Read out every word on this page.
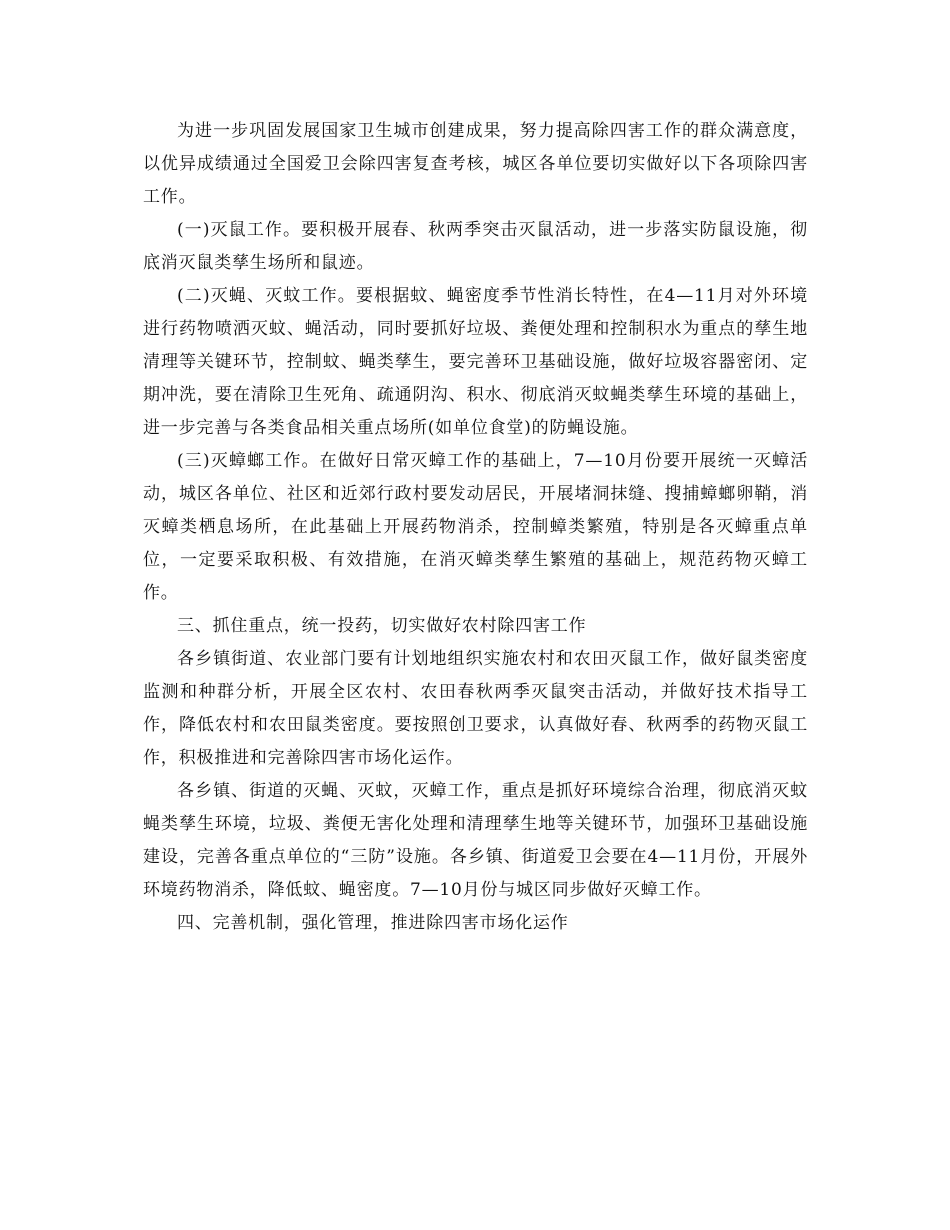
为进一步巩固发展国家卫生城市创建成果，努力提高除四害工作的群众满意度，以优异成绩通过全国爱卫会除四害复查考核，城区各单位要切实做好以下各项除四害工作。

(一)灭鼠工作。要积极开展春、秋两季突击灭鼠活动，进一步落实防鼠设施，彻底消灭鼠类孳生场所和鼠迹。

(二)灭蝇、灭蚊工作。要根据蚊、蝇密度季节性消长特性，在4—11月对外环境进行药物喷洒灭蚊、蝇活动，同时要抓好垃圾、粪便处理和控制积水为重点的孳生地清理等关键环节，控制蚊、蝇类孳生，要完善环卫基础设施，做好垃圾容器密闭、定期冲洗，要在清除卫生死角、疏通阴沟、积水、彻底消灭蚊蝇类孳生环境的基础上，进一步完善与各类食品相关重点场所(如单位食堂)的防蝇设施。

(三)灭蟑螂工作。在做好日常灭蟑工作的基础上，7—10月份要开展统一灭蟑活动，城区各单位、社区和近郊行政村要发动居民，开展堵洞抹缝、搜捕蟑螂卵鞘，消灭蟑类栖息场所，在此基础上开展药物消杀，控制蟑类繁殖，特别是各灭蟑重点单位，一定要采取积极、有效措施，在消灭蟑类孳生繁殖的基础上，规范药物灭蟑工作。

三、抓住重点，统一投药，切实做好农村除四害工作

各乡镇街道、农业部门要有计划地组织实施农村和农田灭鼠工作，做好鼠类密度监测和种群分析，开展全区农村、农田春秋两季灭鼠突击活动，并做好技术指导工作，降低农村和农田鼠类密度。要按照创卫要求，认真做好春、秋两季的药物灭鼠工作，积极推进和完善除四害市场化运作。

各乡镇、街道的灭蝇、灭蚊，灭蟑工作，重点是抓好环境综合治理，彻底消灭蚊蝇类孳生环境，垃圾、粪便无害化处理和清理孳生地等关键环节，加强环卫基础设施建设，完善各重点单位的“三防”设施。各乡镇、街道爱卫会要在4—11月份，开展外环境药物消杀，降低蚊、蝇密度。7—10月份与城区同步做好灭蟑工作。

四、完善机制，强化管理，推进除四害市场化运作
